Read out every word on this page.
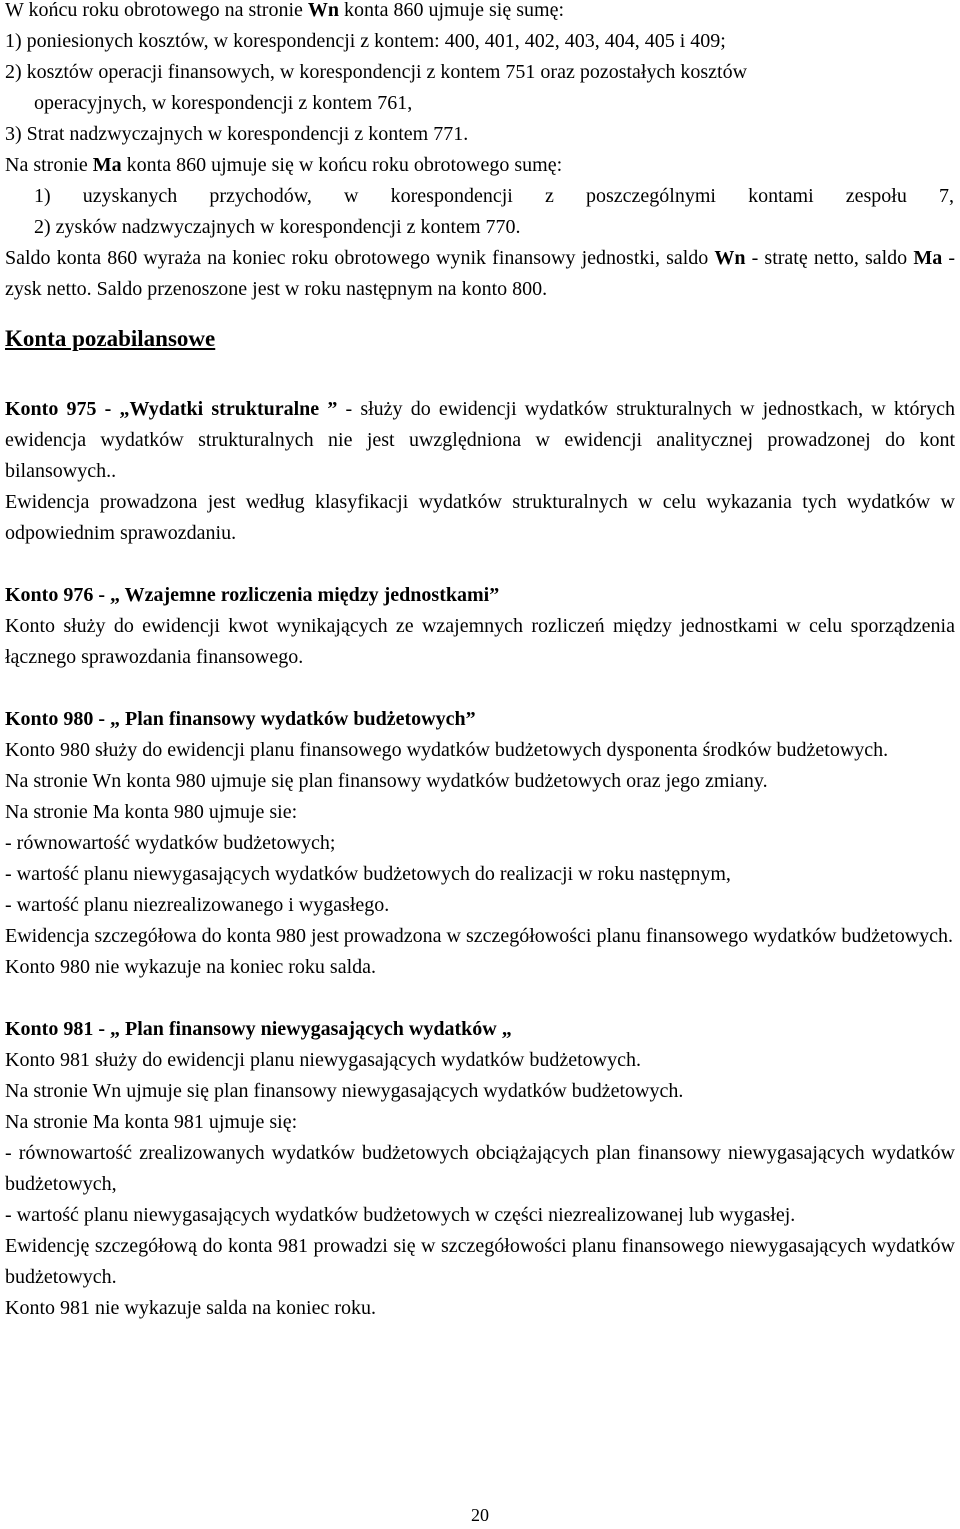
W końcu roku obrotowego na stronie Wn konta 860 ujmuje się sumę:

1) poniesionych kosztów, w korespondencji z kontem: 400, 401, 402, 403, 404, 405 i 409;

2) kosztów operacji finansowych, w korespondencji z kontem 751 oraz pozostałych kosztów

operacyjnych, w korespondencji z kontem 761,

3) Strat nadzwyczajnych w korespondencji z kontem 771.

Na stronie Ma konta 860 ujmuje się w końcu roku obrotowego sumę:

1) uzyskanych przychodów, w korespondencji z poszczególnymi kontami zespołu 7,

2) zysków nadzwyczajnych w korespondencji z kontem 770.

Saldo konta 860 wyraża na koniec roku obrotowego wynik finansowy jednostki, saldo Wn - stratę netto, saldo Ma - zysk netto. Saldo przenoszone jest w roku następnym na konto 800.

Konta pozabilansowe

Konto 975 - „Wydatki strukturalne ” - służy do ewidencji wydatków strukturalnych w jednostkach, w których ewidencja wydatków strukturalnych nie jest uwzględniona w ewidencji analitycznej prowadzonej do kont bilansowych..

Ewidencja prowadzona jest według klasyfikacji wydatków strukturalnych w celu wykazania tych wydatków w odpowiednim sprawozdaniu.

Konto 976 - „ Wzajemne rozliczenia między jednostkami”

Konto służy do ewidencji kwot wynikających ze wzajemnych rozliczeń między jednostkami w celu sporządzenia łącznego sprawozdania finansowego.

Konto 980 - „ Plan finansowy wydatków budżetowych”

Konto 980 służy do ewidencji planu finansowego wydatków budżetowych dysponenta środków budżetowych.

Na stronie Wn konta 980 ujmuje się plan finansowy wydatków budżetowych oraz jego zmiany.

Na stronie Ma konta 980 ujmuje sie:

- równowartość wydatków budżetowych;

- wartość planu niewygasających wydatków budżetowych do realizacji w roku następnym,

- wartość planu niezrealizowanego i wygasłego.

Ewidencja szczegółowa do konta 980 jest prowadzona w szczegółowości planu finansowego wydatków budżetowych.

Konto 980 nie wykazuje na koniec roku salda.

Konto 981 - „ Plan finansowy niewygasających wydatków „

Konto 981 służy do ewidencji planu niewygasających wydatków budżetowych.

Na stronie Wn ujmuje się plan finansowy niewygasających wydatków budżetowych.

Na stronie Ma konta 981 ujmuje się:

- równowartość zrealizowanych wydatków budżetowych obciążających plan finansowy niewygasających wydatków budżetowych,

- wartość planu niewygasających wydatków budżetowych w części niezrealizowanej lub wygasłej.

Ewidencję szczegółową do konta 981 prowadzi się w szczegółowości planu finansowego niewygasających wydatków budżetowych.

Konto 981 nie wykazuje salda na koniec roku.

20
